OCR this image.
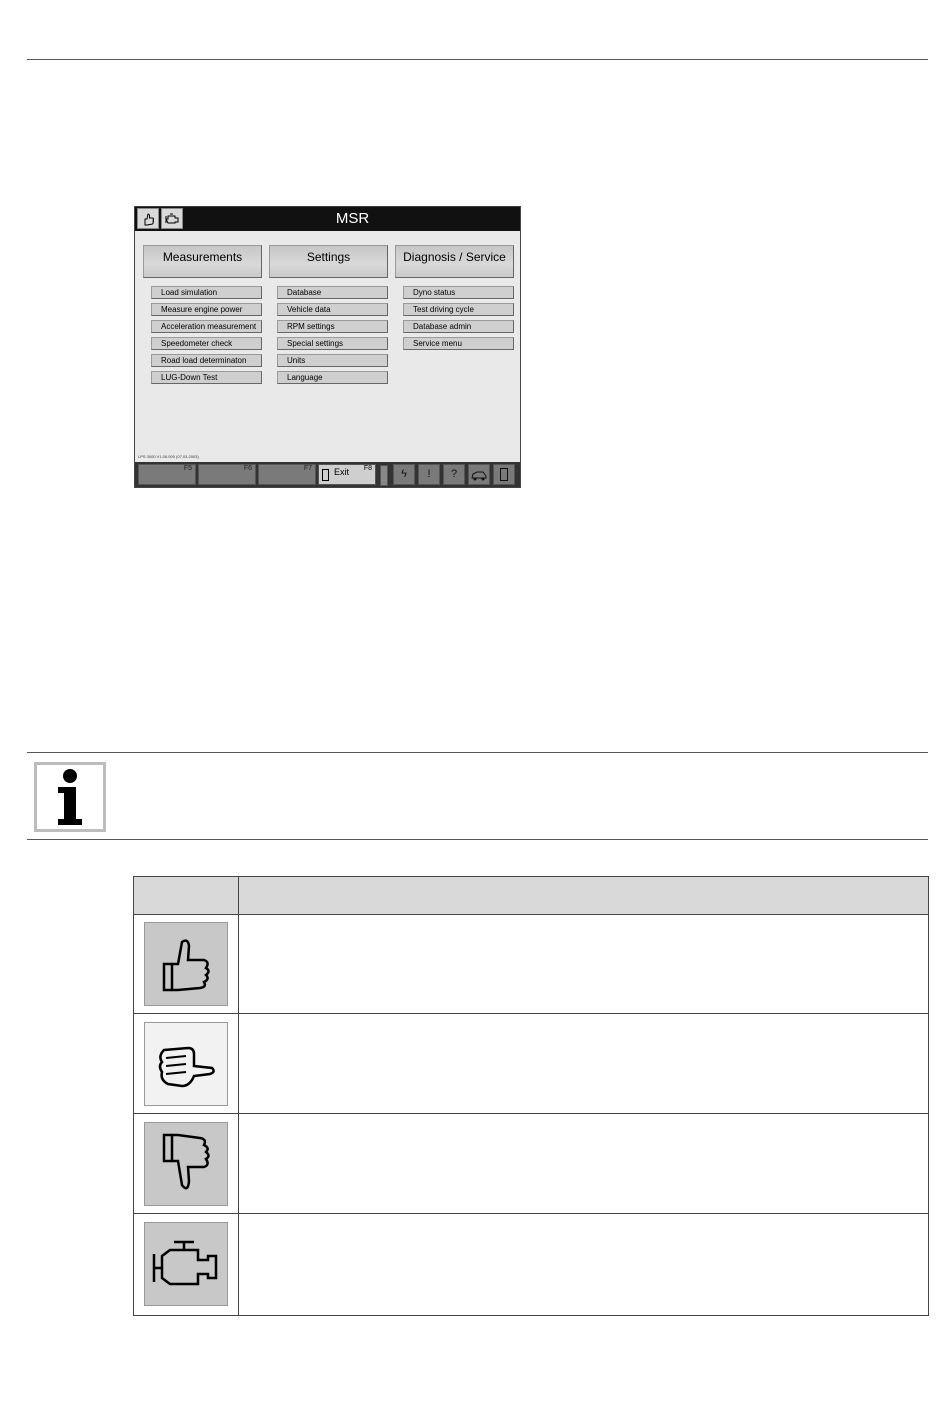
MSR
Measurements	Settings	Diagnosis / Service
Load simulation
Measure engine power
Acceleration measurement
Speedometer check
Road load determinaton
LUG-Down Test
Database
Vehicle data
RPM settings
Special settings
Units
Language
Dyno status
Test driving cycle
Database admin
Service menu
LPS 3000 V1.06.000 (07.03.2003)
F5	F6	F7	Exit F8	ϟ	!	?
